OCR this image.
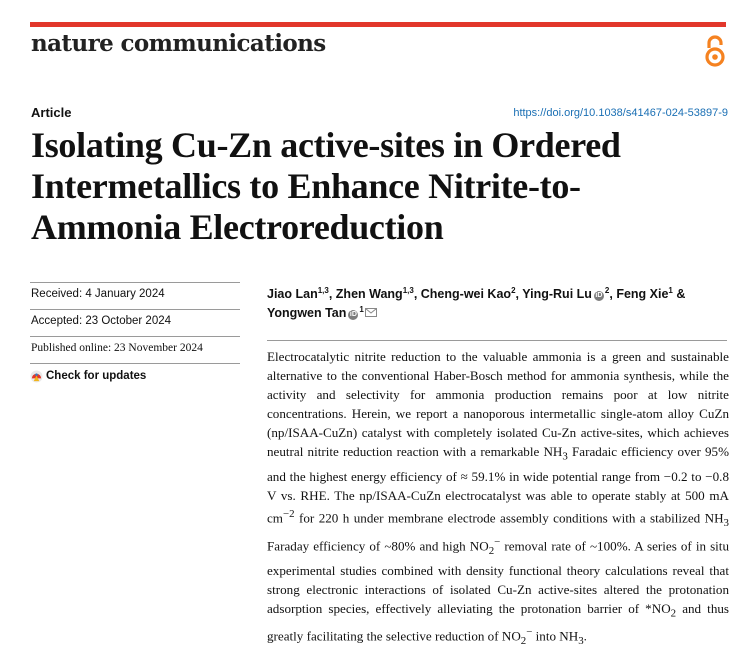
nature communications
Article	https://doi.org/10.1038/s41467-024-53897-9
Isolating Cu-Zn active-sites in Ordered Intermetallics to Enhance Nitrite-to-Ammonia Electroreduction
Received: 4 January 2024
Accepted: 23 October 2024
Published online: 23 November 2024
Check for updates
Jiao Lan$^{1,3}$, Zhen Wang$^{1,3}$, Cheng-wei Kao$^2$, Ying-Rui Lu $iD^2$, Feng Xie$^1$ &
Yongwen Tan $iD^1$

Electrocatalytic nitrite reduction to the valuable ammonia is a green and sustainable alternative to the conventional Haber-Bosch method for ammonia synthesis, while the activity and selectivity for ammonia production remains poor at low nitrite concentrations. Herein, we report a nanoporous intermetallic single-atom alloy CuZn (np/ISAA-CuZn) catalyst with completely isolated Cu-Zn active-sites, which achieves neutral nitrite reduction reaction with a remarkable $NH_3$ Faradaic efficiency over 95% and the highest energy efficiency of ≈ 59.1% in wide potential range from −0.2 to −0.8 V vs. RHE. The np/ISAA-CuZn electrocatalyst was able to operate stably at 500 mA $cm^{-2}$ for 220 h under membrane electrode assembly conditions with a stabilized $NH_3$ Faraday efficiency of ~80% and high $NO_2^-$ removal rate of ~100%. A series of in situ experimental studies combined with density functional theory calculations reveal that strong electronic interactions of isolated Cu-Zn active-sites altered the protonation adsorption species, effectively alleviating the protonation barrier of $*NO_2$ and thus greatly facilitating the selective reduction of $NO_2^-$ into $NH_3$.
